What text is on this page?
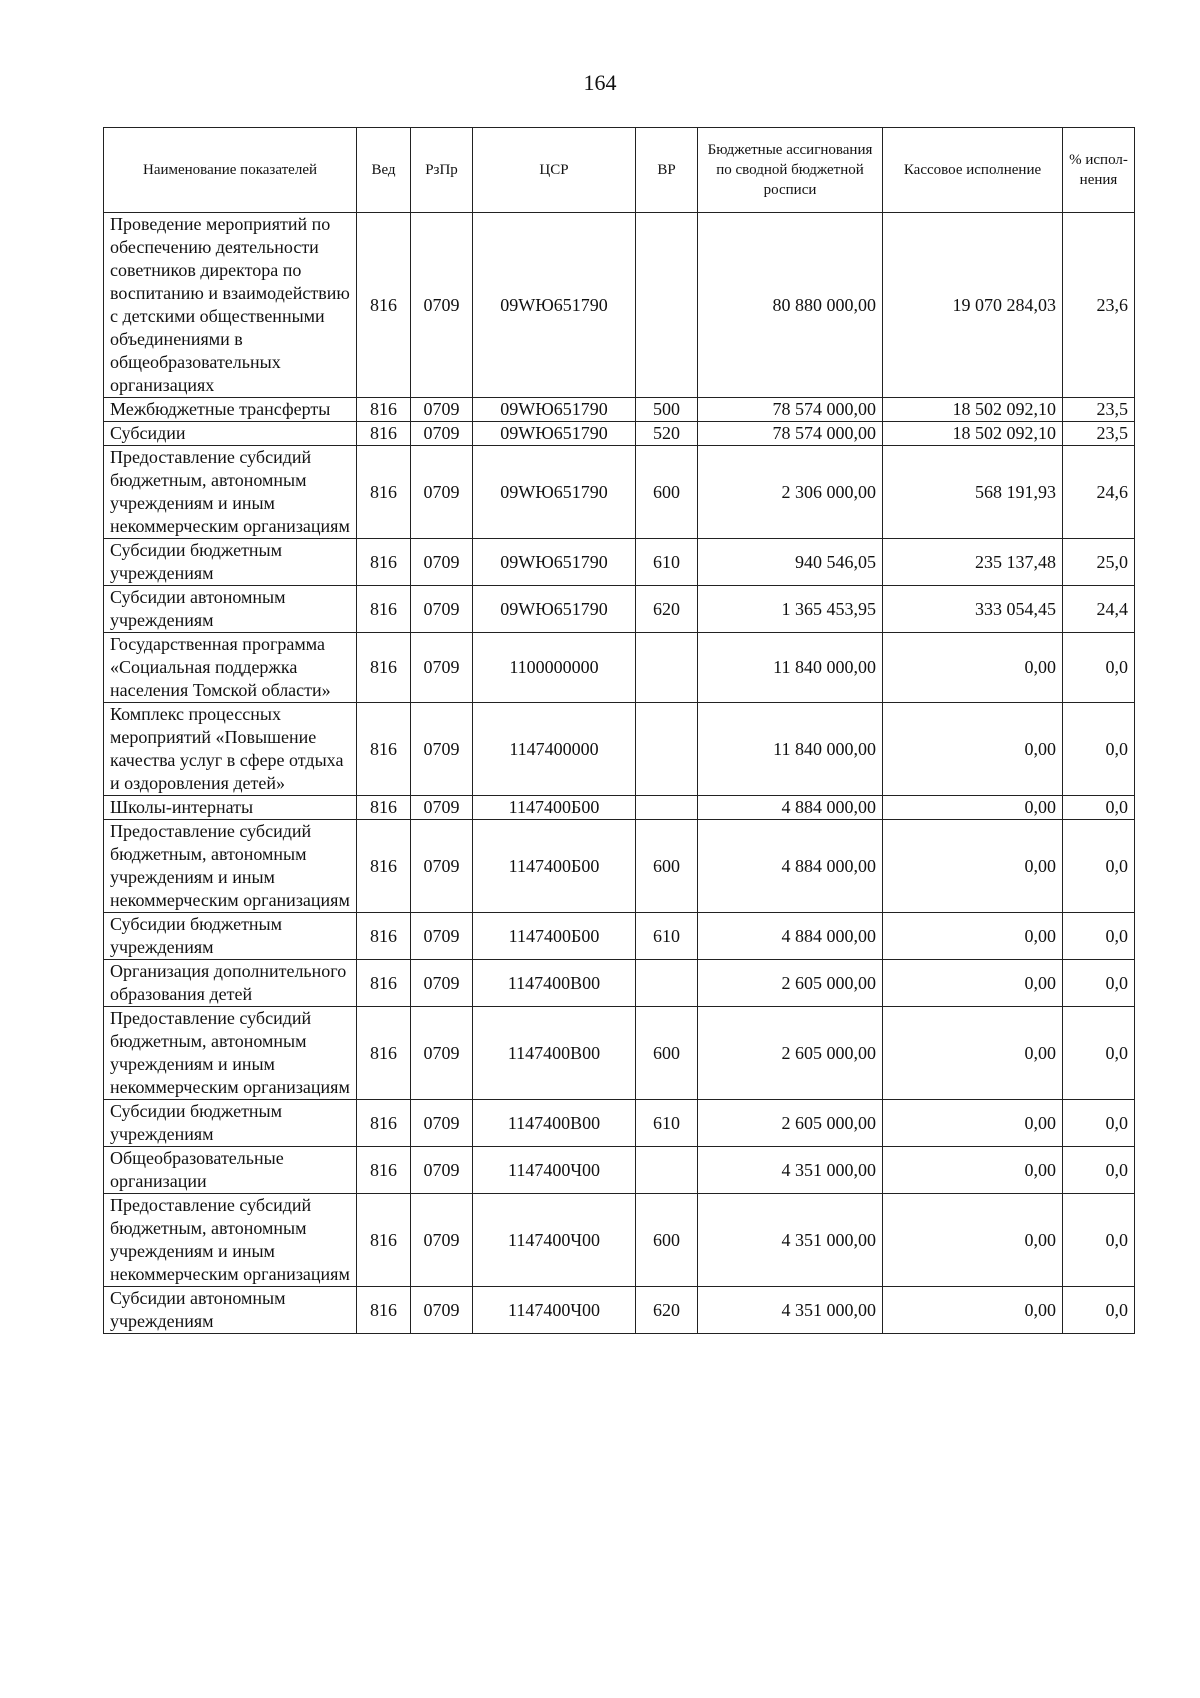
164
Наименование показателей	Вед	РзПр	ЦСР	ВР	Бюджетные ассигнования по сводной бюджетной росписи	Кассовое исполнение	% испол-нения
Проведение мероприятий по обеспечению деятельности советников директора по воспитанию и взаимодействию с детскими общественными объединениями в общеобразовательных организациях	816	0709	09WЮ651790		80 880 000,00	19 070 284,03	23,6
Межбюджетные трансферты	816	0709	09WЮ651790	500	78 574 000,00	18 502 092,10	23,5
Субсидии	816	0709	09WЮ651790	520	78 574 000,00	18 502 092,10	23,5
Предоставление субсидий бюджетным, автономным учреждениям и иным некоммерческим организациям	816	0709	09WЮ651790	600	2 306 000,00	568 191,93	24,6
Субсидии бюджетным учреждениям	816	0709	09WЮ651790	610	940 546,05	235 137,48	25,0
Субсидии автономным учреждениям	816	0709	09WЮ651790	620	1 365 453,95	333 054,45	24,4
Государственная программа «Социальная поддержка населения Томской области»	816	0709	1100000000		11 840 000,00	0,00	0,0
Комплекс процессных мероприятий «Повышение качества услуг в сфере отдыха и оздоровления детей»	816	0709	1147400000		11 840 000,00	0,00	0,0
Школы-интернаты	816	0709	1147400Б00		4 884 000,00	0,00	0,0
Предоставление субсидий бюджетным, автономным учреждениям и иным некоммерческим организациям	816	0709	1147400Б00	600	4 884 000,00	0,00	0,0
Субсидии бюджетным учреждениям	816	0709	1147400Б00	610	4 884 000,00	0,00	0,0
Организация дополнительного образования детей	816	0709	1147400В00		2 605 000,00	0,00	0,0
Предоставление субсидий бюджетным, автономным учреждениям и иным некоммерческим организациям	816	0709	1147400В00	600	2 605 000,00	0,00	0,0
Субсидии бюджетным учреждениям	816	0709	1147400В00	610	2 605 000,00	0,00	0,0
Общеобразовательные организации	816	0709	1147400Ч00		4 351 000,00	0,00	0,0
Предоставление субсидий бюджетным, автономным учреждениям и иным некоммерческим организациям	816	0709	1147400Ч00	600	4 351 000,00	0,00	0,0
Субсидии автономным учреждениям	816	0709	1147400Ч00	620	4 351 000,00	0,00	0,0
